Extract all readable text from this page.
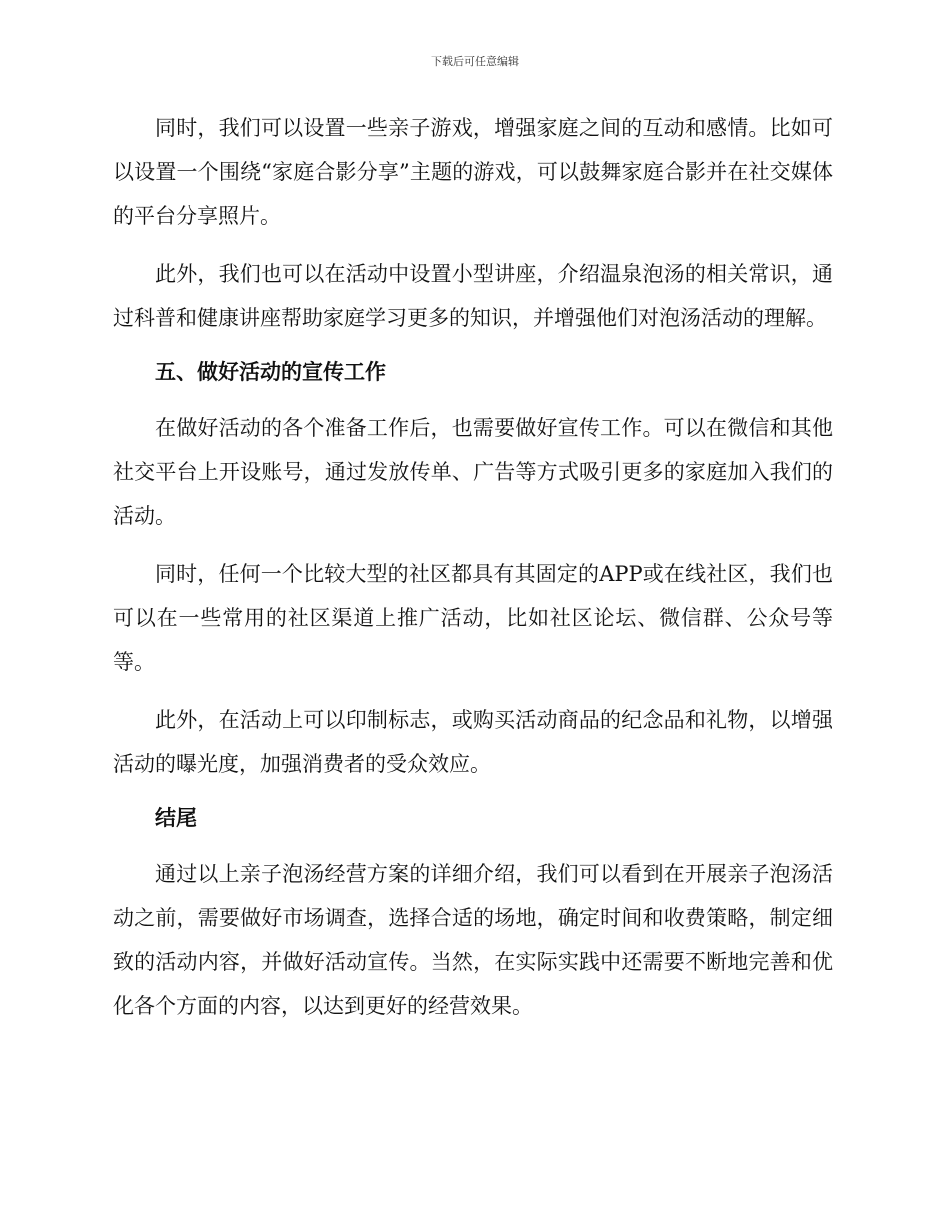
下载后可任意编辑

同时，我们可以设置一些亲子游戏，增强家庭之间的互动和感情。比如可以设置一个围绕“家庭合影分享”主题的游戏，可以鼓舞家庭合影并在社交媒体的平台分享照片。

此外，我们也可以在活动中设置小型讲座，介绍温泉泡汤的相关常识，通过科普和健康讲座帮助家庭学习更多的知识，并增强他们对泡汤活动的理解。

五、做好活动的宣传工作

在做好活动的各个准备工作后，也需要做好宣传工作。可以在微信和其他社交平台上开设账号，通过发放传单、广告等方式吸引更多的家庭加入我们的活动。

同时，任何一个比较大型的社区都具有其固定的APP或在线社区，我们也可以在一些常用的社区渠道上推广活动，比如社区论坛、微信群、公众号等等。

此外，在活动上可以印制标志，或购买活动商品的纪念品和礼物，以增强活动的曝光度，加强消费者的受众效应。

结尾

通过以上亲子泡汤经营方案的详细介绍，我们可以看到在开展亲子泡汤活动之前，需要做好市场调查，选择合适的场地，确定时间和收费策略，制定细致的活动内容，并做好活动宣传。当然，在实际实践中还需要不断地完善和优化各个方面的内容，以达到更好的经营效果。
